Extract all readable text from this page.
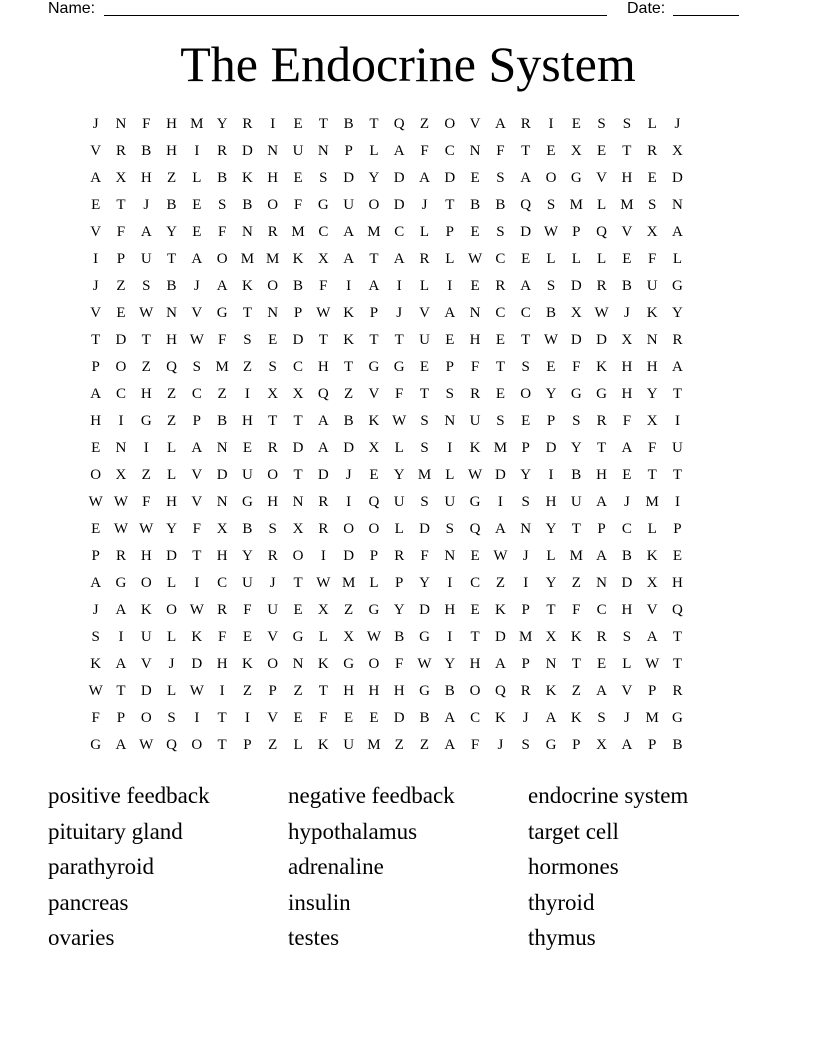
Name:	Date:
The Endocrine System
J	N	F	H M Y R	I	E	T	B	T	Q	Z	O V A R	I	E	S	S	L	J
V R	B H	I	R D N U N	P	L	A	F	C N	F	T	E	X	E	T	R X
A X H	Z	L	B K H	E	S	D Y D A D	E	S	A O G V H	E	D
E	T	J	B	E	S	B O	F	G U O D	J	T	B	B Q	S M L M S	N
V	F	A Y	E	F	N R M C A M C	L	P	E	S	D W P	Q V X A
I	P	U	T	A O M M K X A	T	A R	L W C	E	L	L	L	E	F	L
J	Z	S	B	J	A K O B	F	I	A	I	L	I	E	R A	S	D R	B U G
V	E W N V G	T	N	P W K	P	J	V A N C	C	B X W	J	K Y
T	D	T	H W F	S	E	D	T	K	T	T	U	E	H	E	T W D D X N R
P	O	Z	Q	S M Z	S	C H	T	G G	E	P	F	T	S	E	F	K H H A
A C H	Z	C	Z	I	X X Q	Z	V	F	T	S	R	E	O Y G G H Y	T
H	I	G	Z	P	B H	T	T	A B K W S	N U	S	E	P	S	R	F	X	I
E	N	I	L	A N	E	R D A D X	L	S	I	K M P	D Y	T	A	F	U
O X	Z	L	V D U O	T	D	J	E	Y M L W D Y	I	B H	E	T	T
W W F	H V N G H N R	I	Q U	S	U G	I	S	H U A	J	M	I
E W W Y	F	X B	S	X R O O	L	D	S	Q A N Y	T	P	C	L	P
P	R H D	T	H Y R O	I	D	P	R	F	N	E W	J	L M A B K	E
A G O	L	I	C U	J	T W M L	P	Y	I	C	Z	I	Y	Z	N D X H
J	A K O W R	F	U	E	X	Z	G Y D H	E	K	P	T	F	C H V Q
S	I	U	L	K	F	E	V G	L	X W B G	I	T	D M X K R	S	A	T
K A V	J	D H K O N K G O	F W Y H A	P	N	T	E	L W T
W T	D	L W	I	Z	P	Z	T	H H H G B O Q R K	Z	A V	P	R
F	P	O	S	I	T	I	V	E	F	E	E	D B A C K	J	A K	S	J	M G
G A W Q O	T	P	Z	L	K U M Z	Z	A	F	J	S	G	P	X A	P	B
positive feedback	negative feedback	endocrine system
pituitary gland	hypothalamus	target cell
parathyroid	adrenaline	hormones
pancreas	insulin	thyroid
ovaries	testes	thymus
